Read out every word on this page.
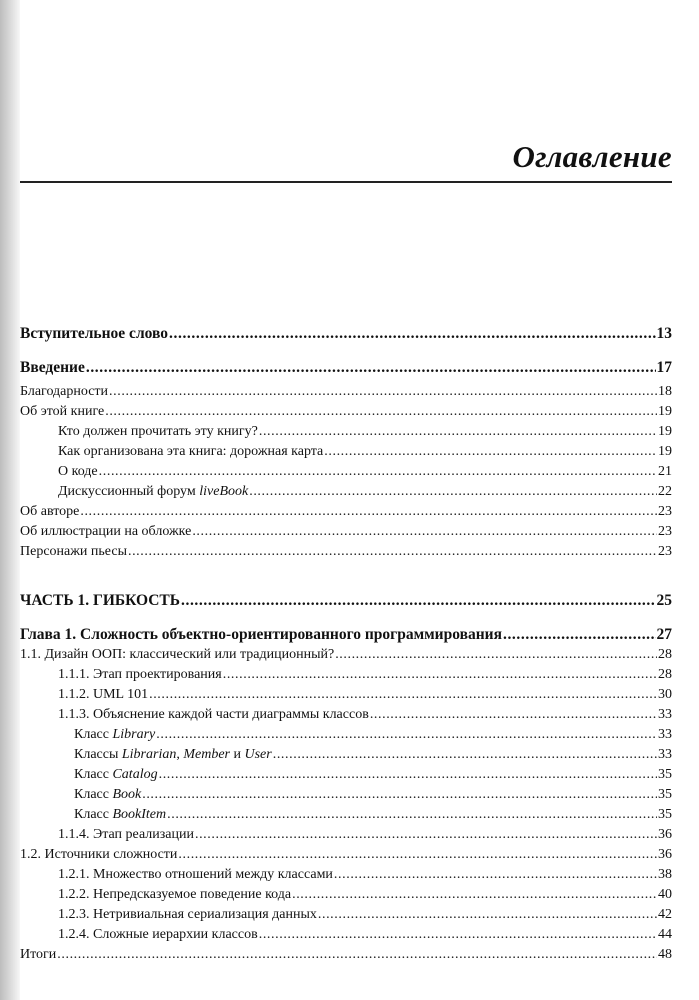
Оглавление
Вступительное слово .....	13
Введение .....	17
Благодарности .....	18
Об этой книге .....	19
Кто должен прочитать эту книгу? .....	19
Как организована эта книга: дорожная карта .....	19
О коде .....	21
Дискуссионный форум liveBook .....	22
Об авторе .....	23
Об иллюстрации на обложке .....	23
Персонажи пьесы .....	23
ЧАСТЬ 1. ГИБКОСТЬ .....	25
Глава 1. Сложность объектно-ориентированного программирования .....	27
1.1. Дизайн ООП: классический или традиционный? .....	28
1.1.1. Этап проектирования .....	28
1.1.2. UML 101 .....	30
1.1.3. Объяснение каждой части диаграммы классов .....	33
Класс Library .....	33
Классы Librarian, Member и User .....	33
Класс Catalog .....	35
Класс Book .....	35
Класс BookItem .....	35
1.1.4. Этап реализации .....	36
1.2. Источники сложности .....	36
1.2.1. Множество отношений между классами .....	38
1.2.2. Непредсказуемое поведение кода .....	40
1.2.3. Нетривиальная сериализация данных .....	42
1.2.4. Сложные иерархии классов .....	44
Итоги .....	48
